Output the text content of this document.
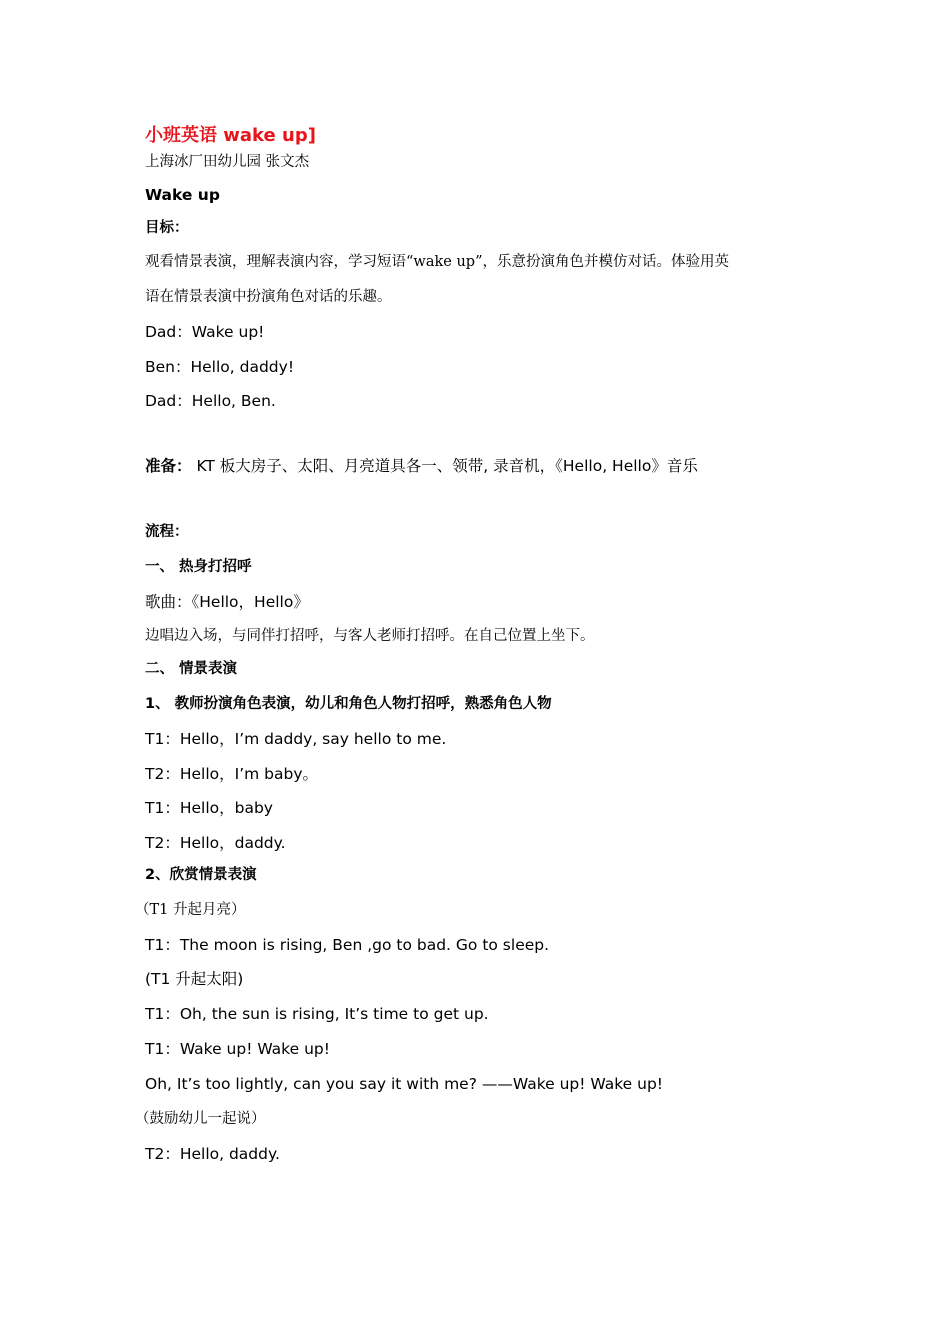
小班英语 wake up]
上海冰厂田幼儿园 张文杰
Wake up
目标：
观看情景表演，理解表演内容，学习短语“wake up”，乐意扮演角色并模仿对话。体验用英
语在情景表演中扮演角色对话的乐趣。
Dad：Wake up!
Ben：Hello, daddy!
Dad：Hello, Ben.
准备： KT 板大房子、太阳、月亮道具各一、领带, 录音机，《Hello, Hello》音乐
流程：
一、 热身打招呼
歌曲：《Hello，Hello》
边唱边入场，与同伴打招呼，与客人老师打招呼。在自己位置上坐下。
二、 情景表演
1、 教师扮演角色表演，幼儿和角色人物打招呼，熟悉角色人物
T1：Hello，I’m daddy, say hello to me.
T2：Hello，I’m baby。
T1：Hello，baby
T2：Hello，daddy.
2、欣赏情景表演
（T1 升起月亮）
T1：The moon is rising, Ben ,go to bad. Go to sleep.
(T1 升起太阳)
T1：Oh, the sun is rising, It’s time to get up.
T1：Wake up! Wake up!
Oh, It’s too lightly, can you say it with me? ——Wake up! Wake up!
（鼓励幼儿一起说）
T2：Hello, daddy.
